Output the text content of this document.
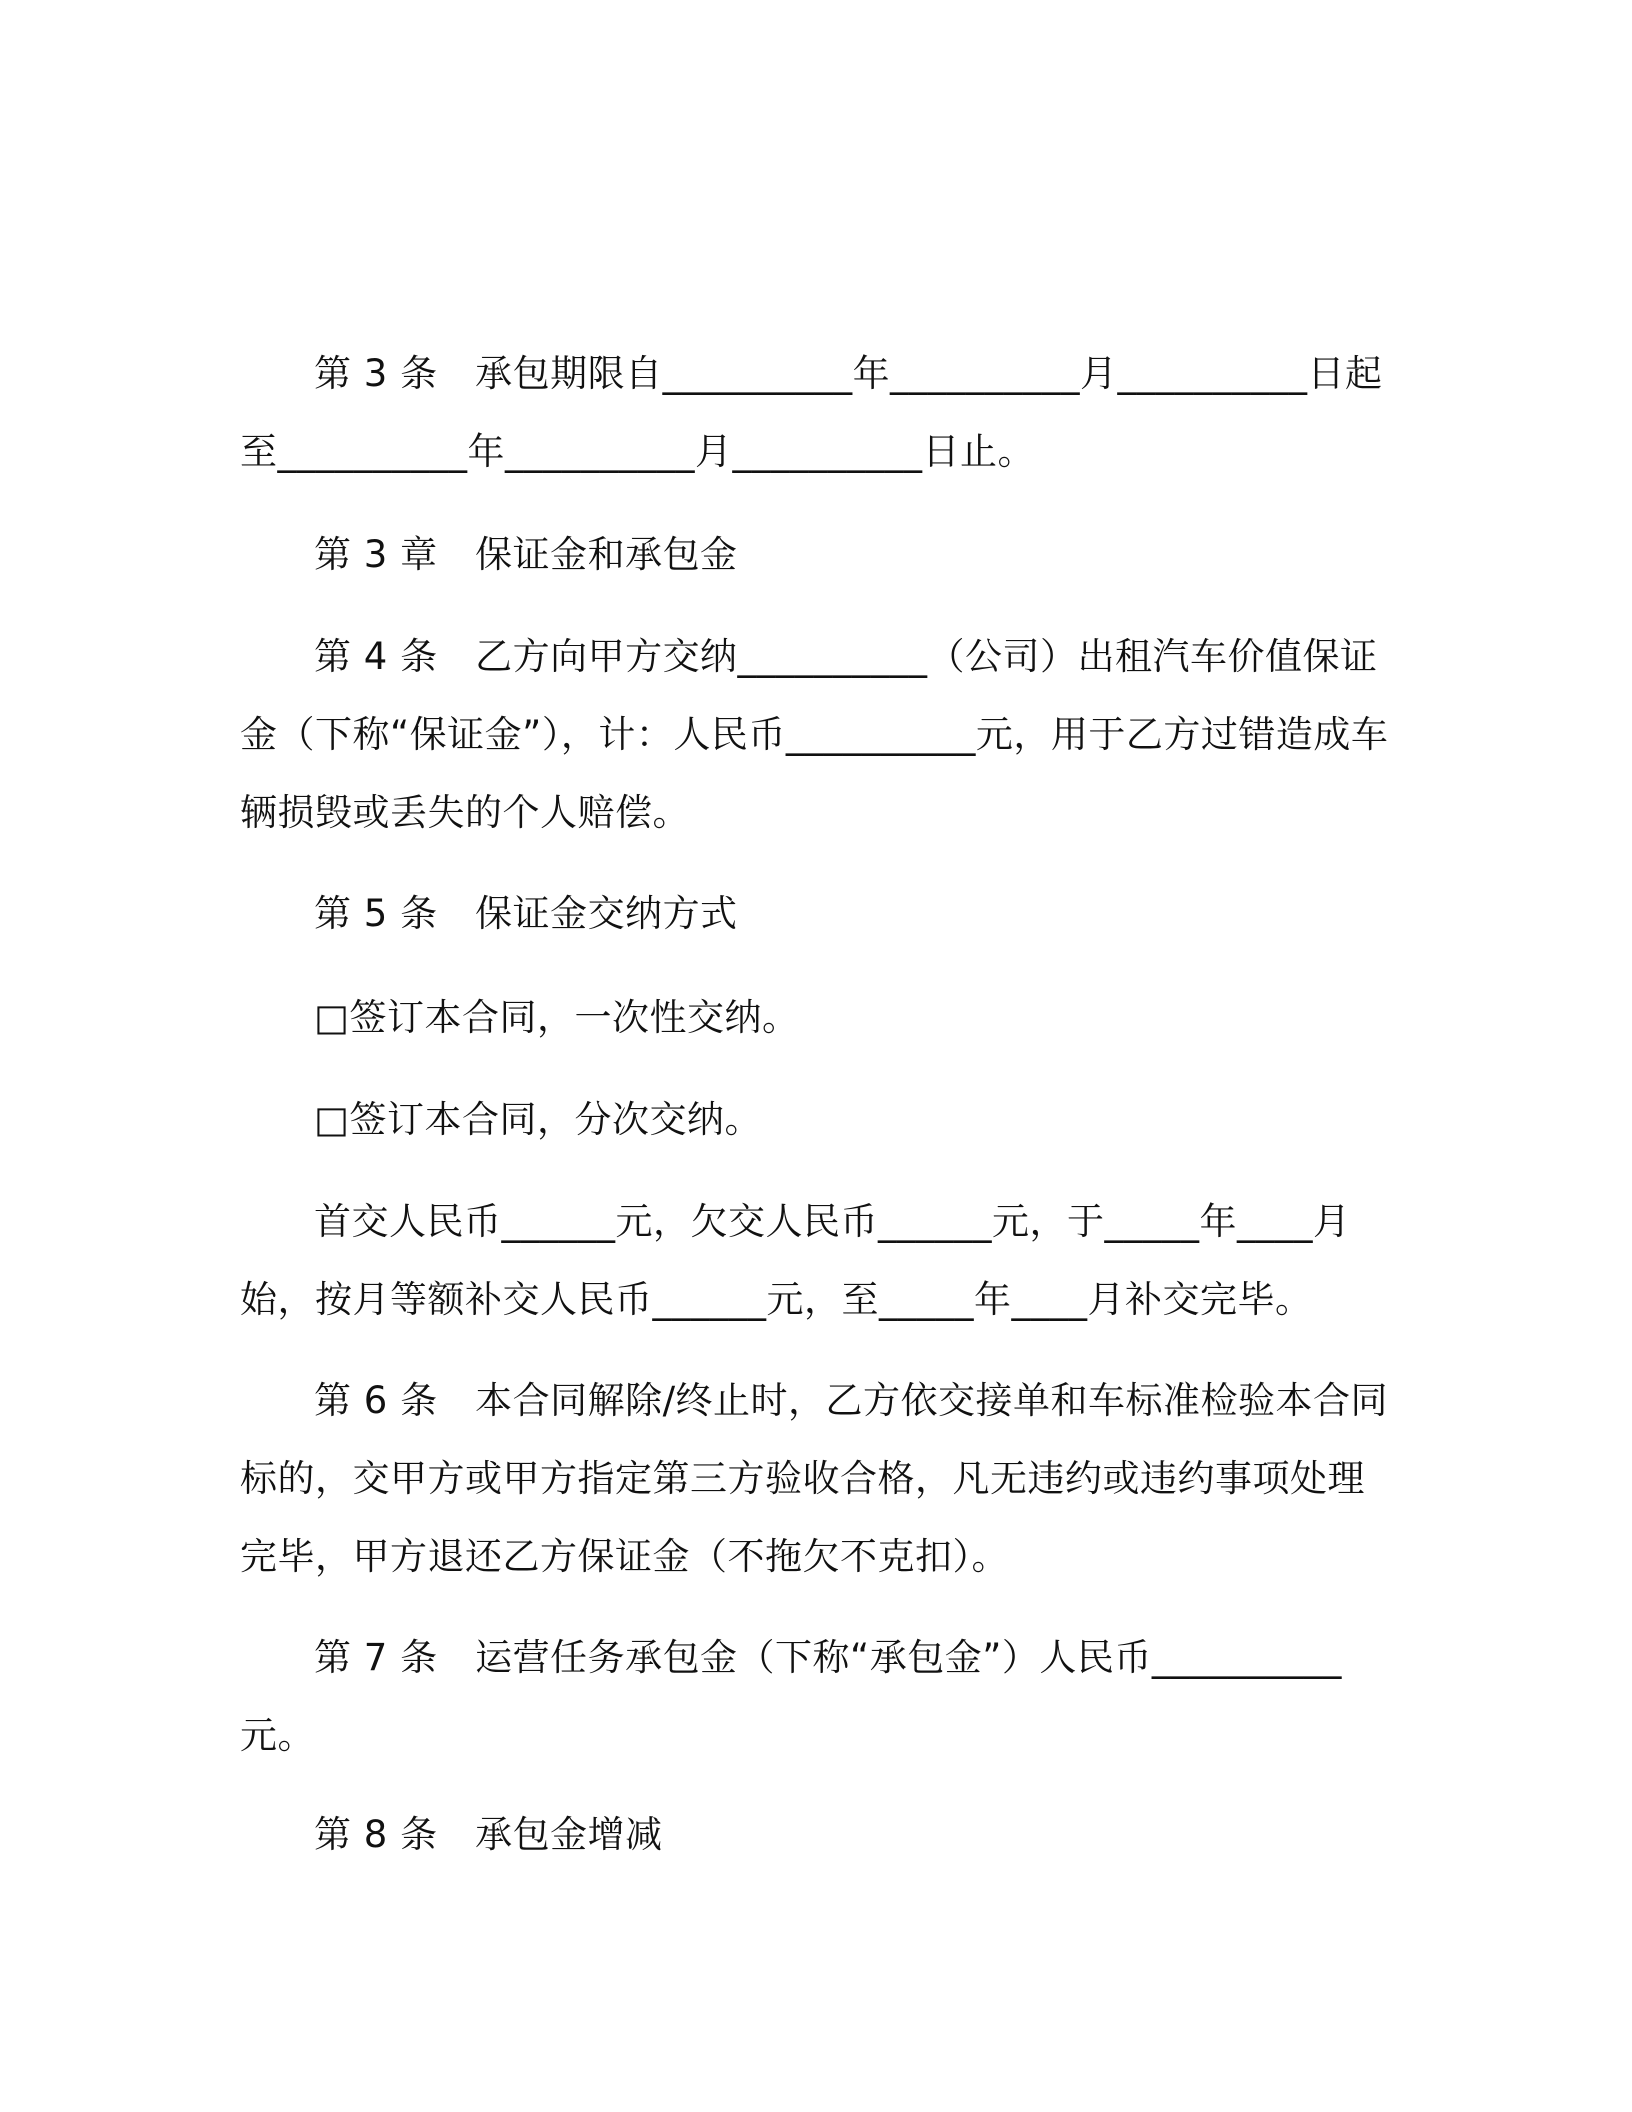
第 3 条　承包期限自__________年__________月__________日起至__________年__________月__________日止。

第 3 章　保证金和承包金

第 4 条　乙方向甲方交纳__________（公司）出租汽车价值保证金（下称“保证金”），计：人民币__________元，用于乙方过错造成车辆损毁或丢失的个人赔偿。

第 5 条　保证金交纳方式

□签订本合同，一次性交纳。

□签订本合同，分次交纳。

首交人民币______元，欠交人民币______元，于_____年____月始，按月等额补交人民币______元，至_____年____月补交完毕。

第 6 条　本合同解除/终止时，乙方依交接单和车标准检验本合同标的，交甲方或甲方指定第三方验收合格，凡无违约或违约事项处理完毕，甲方退还乙方保证金（不拖欠不克扣）。

第 7 条　运营任务承包金（下称“承包金”）人民币__________元。

第 8 条　承包金增减
